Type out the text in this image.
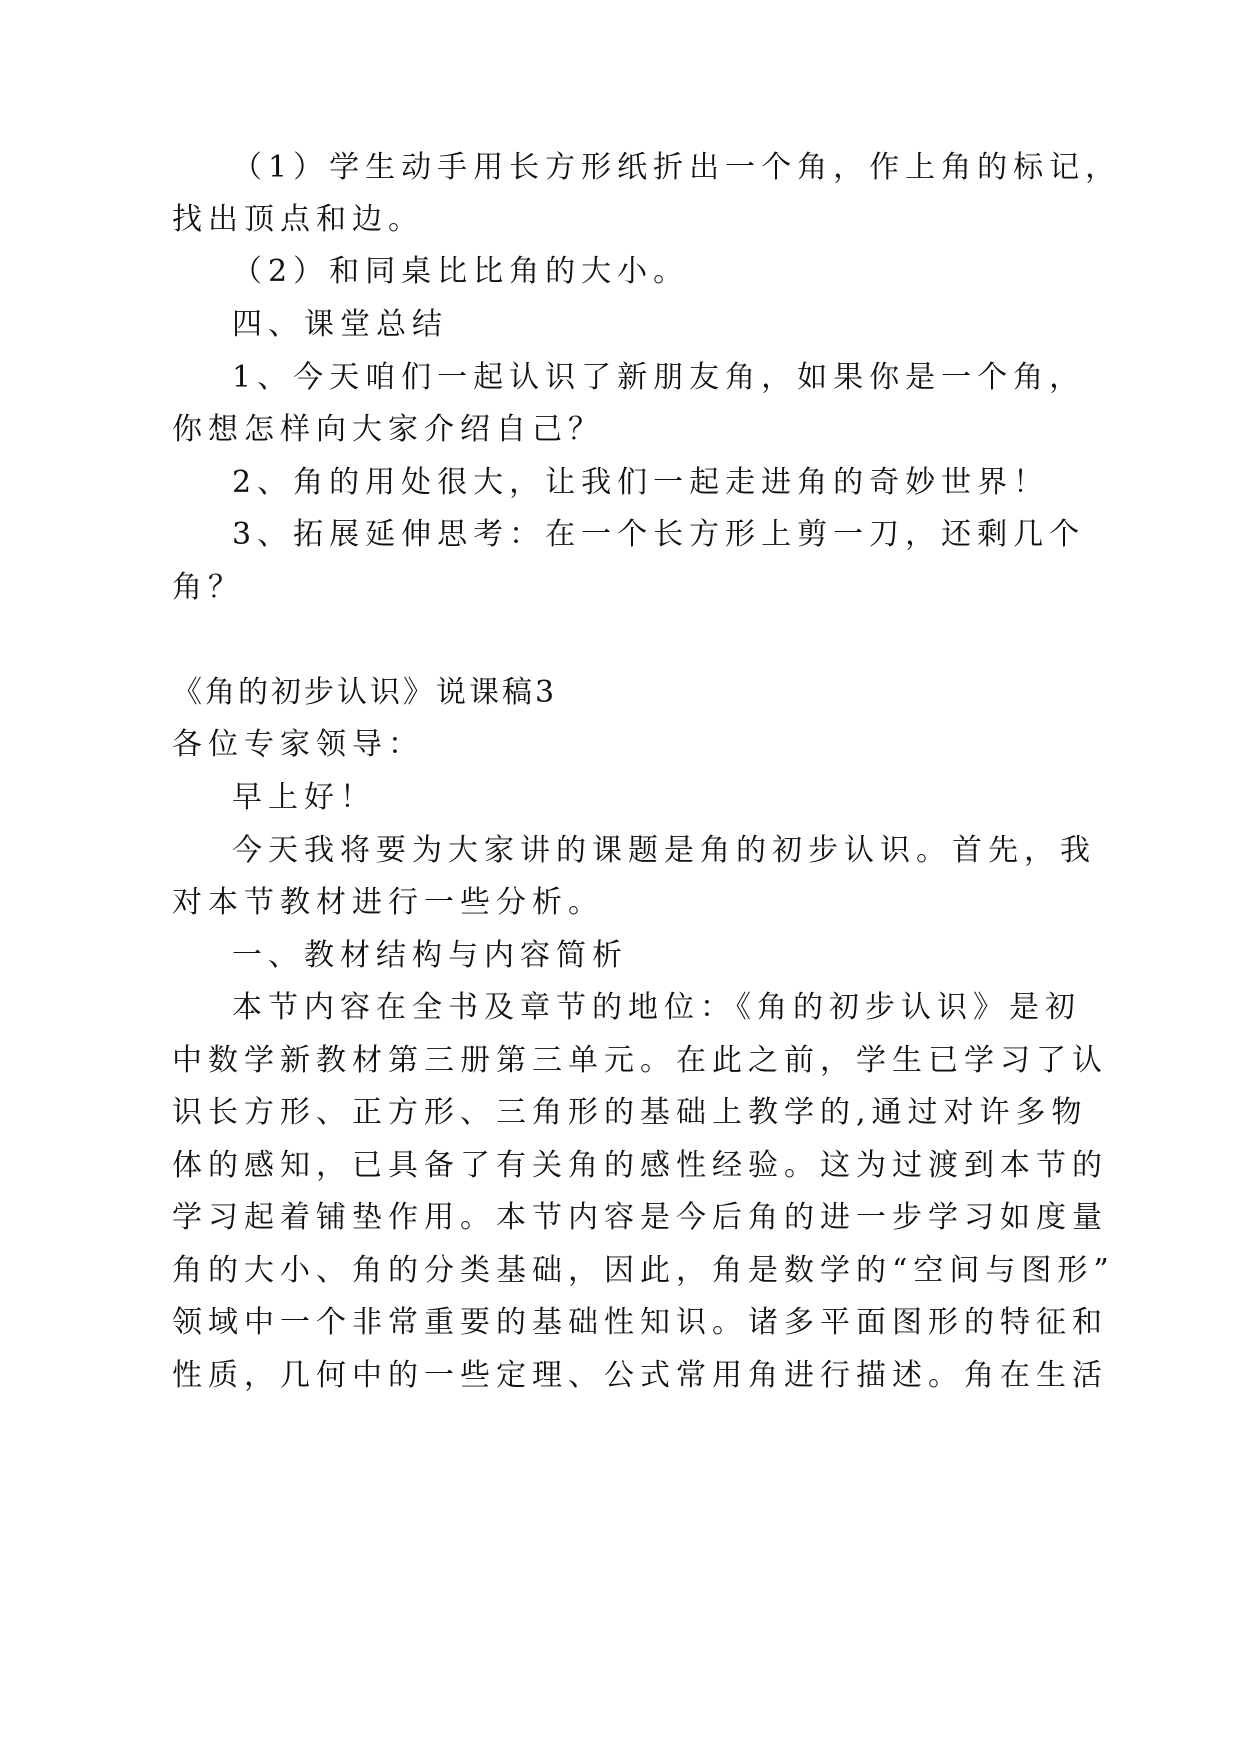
（1）学生动手用长方形纸折出一个角，作上角的标记，
找出顶点和边。
（2）和同桌比比角的大小。
四、课堂总结
1、今天咱们一起认识了新朋友角，如果你是一个角，
你想怎样向大家介绍自己？
2、角的用处很大，让我们一起走进角的奇妙世界！
3、拓展延伸思考：在一个长方形上剪一刀，还剩几个
角？
《角的初步认识》说课稿3
各位专家领导：
早上好！
今天我将要为大家讲的课题是角的初步认识。首先，我
对本节教材进行一些分析。
一、教材结构与内容简析
本节内容在全书及章节的地位：《角的初步认识》是初
中数学新教材第三册第三单元。在此之前，学生已学习了认
识长方形、正方形、三角形的基础上教学的,通过对许多物
体的感知，已具备了有关角的感性经验。这为过渡到本节的
学习起着铺垫作用。本节内容是今后角的进一步学习如度量
角的大小、角的分类基础，因此，角是数学的“空间与图形”
领域中一个非常重要的基础性知识。诸多平面图形的特征和
性质，几何中的一些定理、公式常用角进行描述。角在生活
